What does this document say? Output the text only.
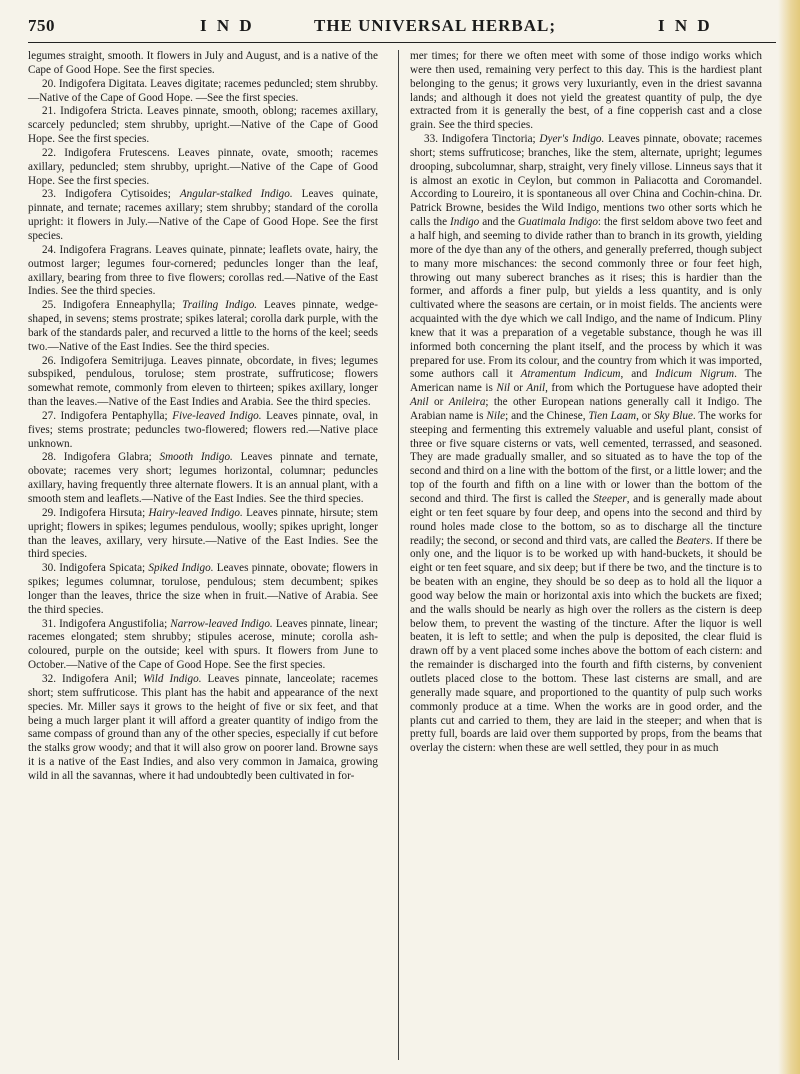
750	I N D	THE UNIVERSAL HERBAL;	I N D

legumes straight, smooth. It flowers in July and August, and is a native of the Cape of Good Hope. See the first species.

20. Indigofera Digitata. Leaves digitate; racemes peduncled; stem shrubby.—Native of the Cape of Good Hope. —See the first species.

21. Indigofera Stricta. Leaves pinnate, smooth, oblong; racemes axillary, scarcely peduncled; stem shrubby, upright.—Native of the Cape of Good Hope. See the first species.

22. Indigofera Frutescens. Leaves pinnate, ovate, smooth; racemes axillary, peduncled; stem shrubby, upright.—Native of the Cape of Good Hope. See the first species.

23. Indigofera Cytisoides; Angular-stalked Indigo. Leaves quinate, pinnate, and ternate; racemes axillary; stem shrubby; standard of the corolla upright: it flowers in July.—Native of the Cape of Good Hope. See the first species.

24. Indigofera Fragrans. Leaves quinate, pinnate; leaflets ovate, hairy, the outmost larger; legumes four-cornered; peduncles longer than the leaf, axillary, bearing from three to five flowers; corollas red.—Native of the East Indies. See the third species.

25. Indigofera Enneaphylla; Trailing Indigo. Leaves pinnate, wedge-shaped, in sevens; stems prostrate; spikes lateral; corolla dark purple, with the bark of the standards paler, and recurved a little to the horns of the keel; seeds two.—Native of the East Indies. See the third species.

26. Indigofera Semitrijuga. Leaves pinnate, obcordate, in fives; legumes subspiked, pendulous, torulose; stem prostrate, suffruticose; flowers somewhat remote, commonly from eleven to thirteen; spikes axillary, longer than the leaves.—Native of the East Indies and Arabia. See the third species.

27. Indigofera Pentaphylla; Five-leaved Indigo. Leaves pinnate, oval, in fives; stems prostrate; peduncles two-flowered; flowers red.—Native place unknown.

28. Indigofera Glabra; Smooth Indigo. Leaves pinnate and ternate, obovate; racemes very short; legumes horizontal, columnar; peduncles axillary, having frequently three alternate flowers. It is an annual plant, with a smooth stem and leaflets.—Native of the East Indies. See the third species.

29. Indigofera Hirsuta; Hairy-leaved Indigo. Leaves pinnate, hirsute; stem upright; flowers in spikes; legumes pendulous, woolly; spikes upright, longer than the leaves, axillary, very hirsute.—Native of the East Indies. See the third species.

30. Indigofera Spicata; Spiked Indigo. Leaves pinnate, obovate; flowers in spikes; legumes columnar, torulose, pendulous; stem decumbent; spikes longer than the leaves, thrice the size when in fruit.—Native of Arabia. See the third species.

31. Indigofera Angustifolia; Narrow-leaved Indigo. Leaves pinnate, linear; racemes elongated; stem shrubby; stipules acerose, minute; corolla ash-coloured, purple on the outside; keel with spurs. It flowers from June to October.—Native of the Cape of Good Hope. See the first species.

32. Indigofera Anil; Wild Indigo. Leaves pinnate, lanceolate; racemes short; stem suffruticose. This plant has the habit and appearance of the next species. Mr. Miller says it grows to the height of five or six feet, and that being a much larger plant it will afford a greater quantity of indigo from the same compass of ground than any of the other species, especially if cut before the stalks grow woody; and that it will also grow on poorer land. Browne says it is a native of the East Indies, and also very common in Jamaica, growing wild in all the savannas, where it had undoubtedly been cultivated in for-

mer times; for there we often meet with some of those indigo works which were then used, remaining very perfect to this day. This is the hardiest plant belonging to the genus; it grows very luxuriantly, even in the driest savanna lands; and although it does not yield the greatest quantity of pulp, the dye extracted from it is generally the best, of a fine copperish cast and a close grain. See the third species.

33. Indigofera Tinctoria; Dyer's Indigo. Leaves pinnate, obovate; racemes short; stems suffruticose; branches, like the stem, alternate, upright; legumes drooping, subcolumnar, sharp, straight, very finely villose. Linneus says that it is almost an exotic in Ceylon, but common in Paliacotta and Coromandel. According to Loureiro, it is spontaneous all over China and Cochin-china. Dr. Patrick Browne, besides the Wild Indigo, mentions two other sorts which he calls the Indigo and the Guatimala Indigo: the first seldom above two feet and a half high, and seeming to divide rather than to branch in its growth, yielding more of the dye than any of the others, and generally preferred, though subject to many more mischances: the second commonly three or four feet high, throwing out many suberect branches as it rises; this is hardier than the former, and affords a finer pulp, but yields a less quantity, and is only cultivated where the seasons are certain, or in moist fields. The ancients were acquainted with the dye which we call Indigo, and the name of Indicum. Pliny knew that it was a preparation of a vegetable substance, though he was ill informed both concerning the plant itself, and the process by which it was prepared for use. From its colour, and the country from which it was imported, some authors call it Atramentum Indicum, and Indicum Nigrum. The American name is Nil or Anil, from which the Portuguese have adopted their Anil or Anileira; the other European nations generally call it Indigo. The Arabian name is Nile; and the Chinese, Tien Laam, or Sky Blue. The works for steeping and fermenting this extremely valuable and useful plant, consist of three or five square cisterns or vats, well cemented, terrassed, and seasoned. They are made gradually smaller, and so situated as to have the top of the second and third on a line with the bottom of the first, or a little lower; and the top of the fourth and fifth on a line with or lower than the bottom of the second and third. The first is called the Steeper, and is generally made about eight or ten feet square by four deep, and opens into the second and third by round holes made close to the bottom, so as to discharge all the tincture readily; the second, or second and third vats, are called the Beaters. If there be only one, and the liquor is to be worked up with hand-buckets, it should be eight or ten feet square, and six deep; but if there be two, and the tincture is to be beaten with an engine, they should be so deep as to hold all the liquor a good way below the main or horizontal axis into which the buckets are fixed; and the walls should be nearly as high over the rollers as the cistern is deep below them, to prevent the wasting of the tincture. After the liquor is well beaten, it is left to settle; and when the pulp is deposited, the clear fluid is drawn off by a vent placed some inches above the bottom of each cistern: and the remainder is discharged into the fourth and fifth cisterns, by convenient outlets placed close to the bottom. These last cisterns are small, and are generally made square, and proportioned to the quantity of pulp such works commonly produce at a time. When the works are in good order, and the plants cut and carried to them, they are laid in the steeper; and when that is pretty full, boards are laid over them supported by props, from the beams that overlay the cistern: when these are well settled, they pour in as much
